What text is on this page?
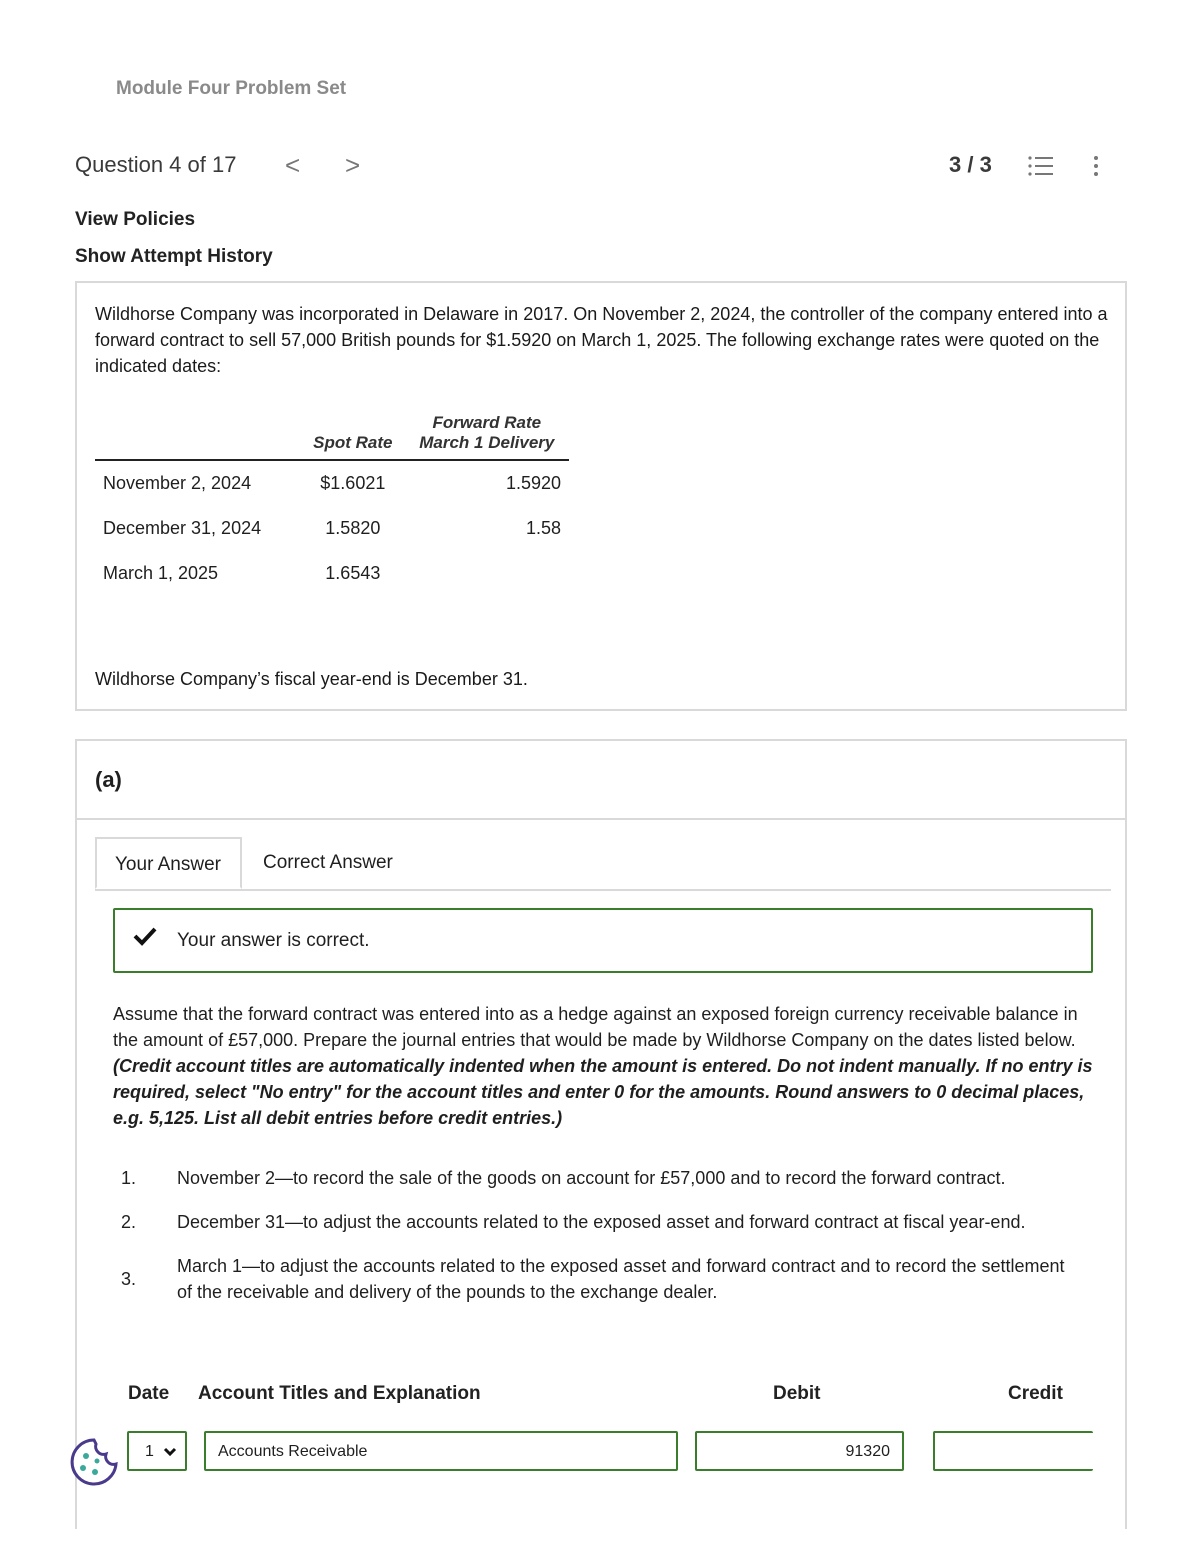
Module Four Problem Set
Question 4 of 17 < >	3 / 3
View Policies
Show Attempt History
Wildhorse Company was incorporated in Delaware in 2017. On November 2, 2024, the controller of the company entered into a forward contract to sell 57,000 British pounds for $1.5920 on March 1, 2025. The following exchange rates were quoted on the indicated dates:
	Spot Rate	Forward Rate
March 1 Delivery

November 2, 2024	$1.6021	1.5920
December 31, 2024	1.5820	1.58
March 1, 2025	1.6543	
Wildhorse Company’s fiscal year-end is December 31.
(a)
Your Answer	Correct Answer
Your answer is correct.
Assume that the forward contract was entered into as a hedge against an exposed foreign currency receivable balance in the amount of £57,000. Prepare the journal entries that would be made by Wildhorse Company on the dates listed below. (Credit account titles are automatically indented when the amount is entered. Do not indent manually. If no entry is required, select "No entry" for the account titles and enter 0 for the amounts. Round answers to 0 decimal places, e.g. 5,125. List all debit entries before credit entries.)
1. November 2—to record the sale of the goods on account for £57,000 and to record the forward contract.
2. December 31—to adjust the accounts related to the exposed asset and forward contract at fiscal year-end.
3.
March 1—to adjust the accounts related to the exposed asset and forward contract and to record the settlement of the receivable and delivery of the pounds to the exchange dealer.
Date Account Titles and Explanation	Debit	Credit
1	Accounts Receivable	91320
